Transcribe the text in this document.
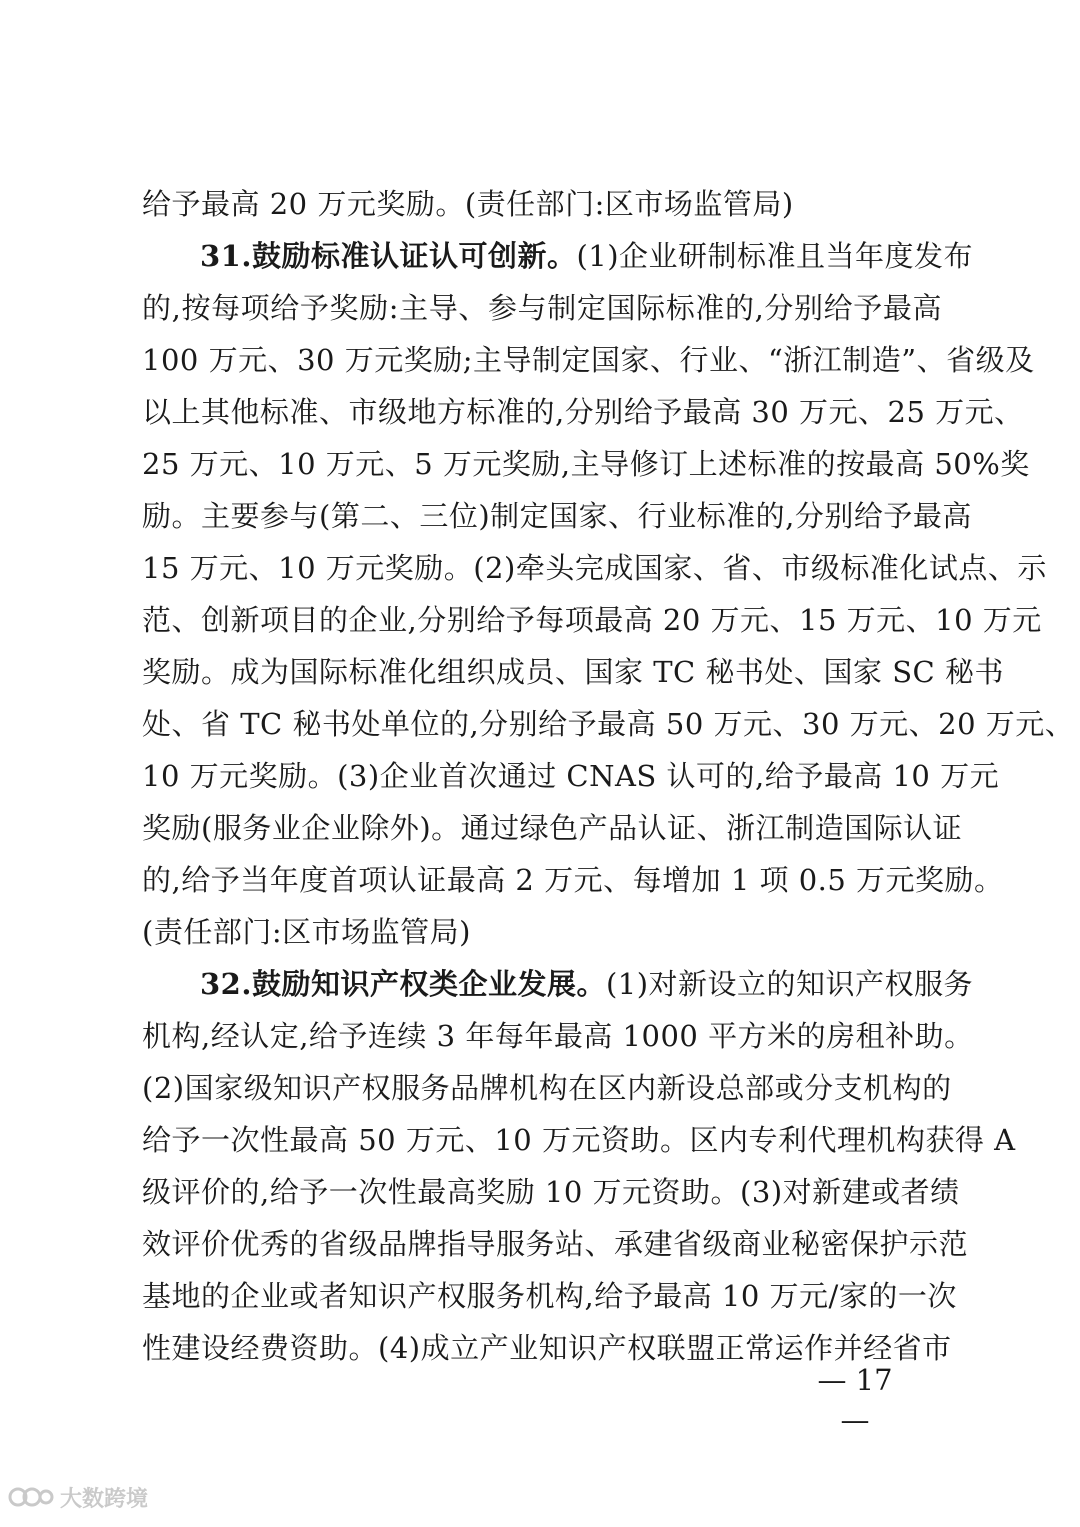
给予最高 20 万元奖励。(责任部门:区市场监管局)
31.鼓励标准认证认可创新。(1)企业研制标准且当年度发布
的,按每项给予奖励:主导、参与制定国际标准的,分别给予最高
100 万元、30 万元奖励;主导制定国家、行业、“浙江制造”、省级及
以上其他标准、市级地方标准的,分别给予最高 30 万元、25 万元、
25 万元、10 万元、5 万元奖励,主导修订上述标准的按最高 50%奖
励。主要参与(第二、三位)制定国家、行业标准的,分别给予最高
15 万元、10 万元奖励。(2)牵头完成国家、省、市级标准化试点、示
范、创新项目的企业,分别给予每项最高 20 万元、15 万元、10 万元
奖励。成为国际标准化组织成员、国家 TC 秘书处、国家 SC 秘书
处、省 TC 秘书处单位的,分别给予最高 50 万元、30 万元、20 万元、
10 万元奖励。(3)企业首次通过 CNAS 认可的,给予最高 10 万元
奖励(服务业企业除外)。通过绿色产品认证、浙江制造国际认证
的,给予当年度首项认证最高 2 万元、每增加 1 项 0.5 万元奖励。
(责任部门:区市场监管局)
32.鼓励知识产权类企业发展。(1)对新设立的知识产权服务
机构,经认定,给予连续 3 年每年最高 1000 平方米的房租补助。
(2)国家级知识产权服务品牌机构在区内新设总部或分支机构的
给予一次性最高 50 万元、10 万元资助。区内专利代理机构获得 A
级评价的,给予一次性最高奖励 10 万元资助。(3)对新建或者绩
效评价优秀的省级品牌指导服务站、承建省级商业秘密保护示范
基地的企业或者知识产权服务机构,给予最高 10 万元/家的一次
性建设经费资助。(4)成立产业知识产权联盟正常运作并经省市
— 17 —
大数跨境
